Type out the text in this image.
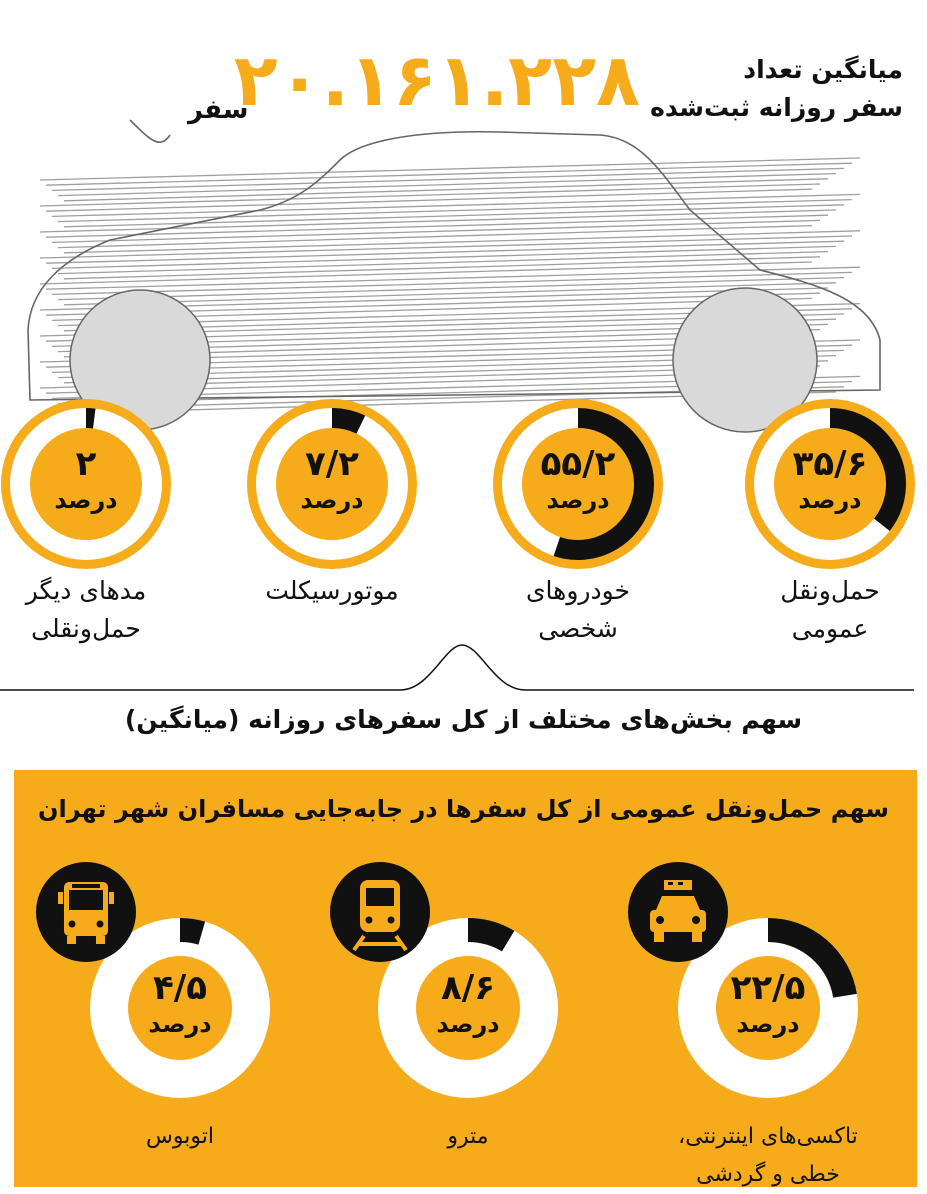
۲۰.۱۶۱.۲۲۸
سفر
میانگین تعداد
سفر روزانه ثبت‌شده
۳۵/۶
درصد
حمل‌ونقل
عمومی
۵۵/۲
درصد
خودروهای
شخصی
۷/۲
درصد
موتورسیکلت
۲
درصد
مدهای دیگر
حمل‌ونقلی
سهم بخش‌های مختلف از کل سفرهای روزانه (میانگین)
سهم حمل‌ونقل عمومی از کل سفرها در جابه‌جایی مسافران شهر تهران
۲۲/۵
درصد
تاکسی‌های اینترنتی،
خطی و گردشی
۸/۶
درصد
مترو
۴/۵
درصد
اتوبوس
